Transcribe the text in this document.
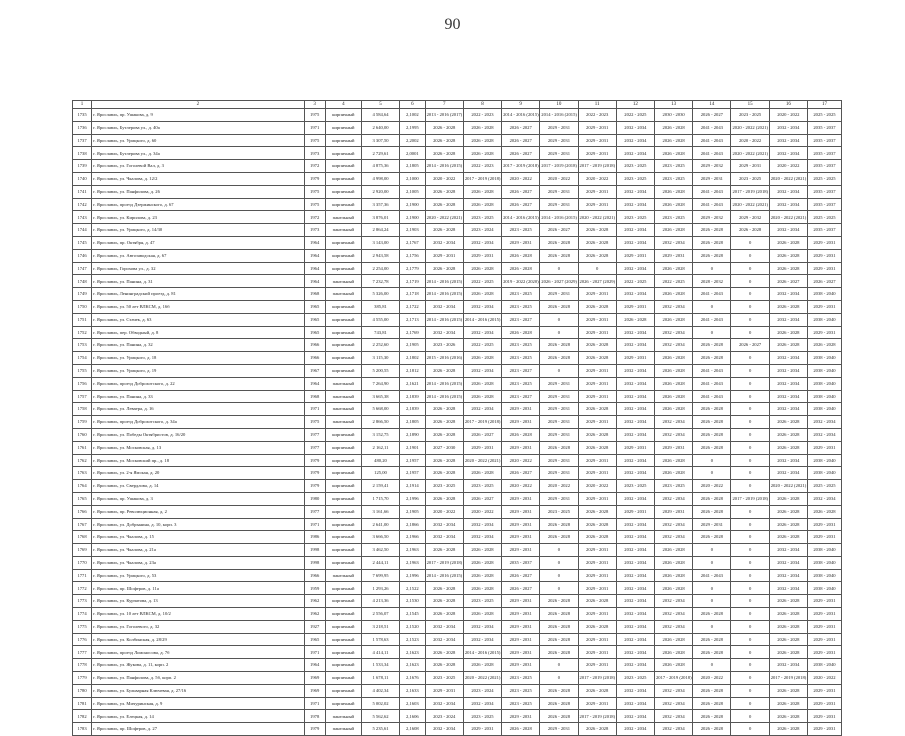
90
1	2	3	4	5	6	7	8	9	10	11	12	13	14	15	16	17
1735	г. Ярославль, пр. Ушакова, д. 9	1975	кирпичный	4 584,64	2,1002	2013 - 2016 (2017)	2022 - 2023	2014 - 2016 (2015)	2014 - 2016 (2015)	2022 - 2023	2022 - 2025	2030 - 2030	2026 - 2027	2023 - 2025	2020 - 2022	2025 - 2025
1736	г. Ярославль, Бутлерова ул., д. 40а	1971	кирпичный	2 640,00	2,1995	2026 - 2028	2026 - 2028	2026 - 2027	2029 - 2031	2029 - 2031	2032 - 2034	2026 - 2028	2041 - 2043	2020 - 2022 (2021)	2032 - 2034	2035 - 2037
1737	г. Ярославль, ул. Урицкого, д. 60	1975	кирпичный	3 307,50	2,2002	2026 - 2028	2026 - 2028	2026 - 2027	2029 - 2031	2029 - 2031	2032 - 2034	2026 - 2028	2041 - 2043	2020 - 2022	2032 - 2034	2035 - 2037
1738	г. Ярославль, Бутлерова ул., д. 34а	1973	кирпичный	2 729,61	2,0001	2026 - 2028	2026 - 2028	2026 - 2027	2029 - 2031	2029 - 2031	2032 - 2034	2026 - 2028	2041 - 2043	2020 - 2022 (2021)	2032 - 2034	2035 - 2037
1739	г. Ярославль, ул. Гоголевой Вал, д. 3	1972	кирпичный	4 875,36	2,1805	2014 - 2016 (2015)	2022 - 2023	2017 - 2019 (2018)	2017 - 2019 (2018)	2017 - 2019 (2018)	2023 - 2025	2023 - 2025	2029 - 2032	2029 - 2031	2020 - 2022	2035 - 2037
1740	г. Ярославль, ул. Чкалова, д. 12/2	1979	кирпичный	4 998,00	2,1000	2020 - 2022	2017 - 2019 (2018)	2020 - 2022	2020 - 2022	2020 - 2022	2023 - 2025	2023 - 2025	2029 - 2031	2023 - 2025	2020 - 2022 (2021)	2025 - 2025
1741	г. Ярославль, ул. Панфилова, д. 26	1975	кирпичный	2 920,00	2,1005	2026 - 2028	2026 - 2028	2026 - 2027	2029 - 2031	2029 - 2031	2032 - 2034	2026 - 2028	2041 - 2043	2017 - 2019 (2018)	2032 - 2034	2035 - 2037
1742	г. Ярославль, проезд Дзержинского, д. 67	1975	кирпичный	3 357,36	2,1900	2026 - 2028	2026 - 2028	2026 - 2027	2029 - 2031	2029 - 2031	2032 - 2034	2026 - 2028	2041 - 2043	2020 - 2022 (2021)	2032 - 2034	2035 - 2037
1743	г. Ярославль, ул. Кирилова, д. 23	1972	панельный	3 876,01	2,1900	2020 - 2022 (2021)	2023 - 2025	2014 - 2016 (2015)	2014 - 2016 (2015)	2020 - 2022 (2021)	2023 - 2025	2023 - 2025	2029 - 2032	2029 - 2032	2020 - 2022 (2021)	2025 - 2025
1744	г. Ярославль, ул. Урицкого, д. 14/30	1973	панельный	2 864,24	2,1903	2026 - 2028	2023 - 2024	2023 - 2025	2026 - 2027	2026 - 2028	2032 - 2034	2026 - 2028	2026 - 2028	2026 - 2028	2032 - 2034	2035 - 2037
1745	г. Ярославль, пр. Октября, д. 47	1964	кирпичный	3 143,00	2,1767	2032 - 2034	2032 - 2034	2029 - 2031	2026 - 2028	2026 - 2028	2032 - 2034	2032 - 2034	2026 - 2028	0	2026 - 2028	2029 - 2031
1746	г. Ярославль, ул. Автозаводская, д. 67	1964	кирпичный	2 943,58	2,1756	2029 - 2031	2029 - 2031	2026 - 2028	2026 - 2028	2026 - 2028	2029 - 2031	2029 - 2031	2026 - 2028	0	2026 - 2028	2029 - 2031
1747	г. Ярославль, Горохова ул., д. 32	1964	кирпичный	2 254,00	2,1779	2026 - 2028	2026 - 2028	2026 - 2028	0	0	2032 - 2034	2026 - 2028	0	0	2026 - 2028	2029 - 2031
1748	г. Ярославль, ул. Панина, д. 31	1964	панельный	7 232,78	2,1719	2014 - 2016 (2015)	2022 - 2025	2019 - 2022 (2020)	2026 - 2027 (2029)	2026 - 2027 (2029)	2022 - 2025	2022 - 2025	2028 - 2032	0	2026 - 2027	2026 - 2027
1749	г. Ярославль, Ленинградский проезд, д. 81	1968	панельный	5 326,00	2,1718	2014 - 2016 (2015)	2026 - 2028	2023 - 2025	2029 - 2031	2029 - 2031	2032 - 2034	2026 - 2028	2041 - 2043	0	2032 - 2034	2038 - 2040
1750	г. Ярославль, ул. 50 лет ВЛКСМ, д. 16б	1965	кирпичный	385,81	2,1722	2032 - 2034	2032 - 2034	2023 - 2025	2026 - 2028	2026 - 2028	2029 - 2031	2032 - 2034	0	0	2026 - 2028	2029 - 2031
1751	г. Ярославль, ул. Стачек, д. 63	1965	кирпичный	4 555,00	2,1713	2014 - 2016 (2015)	2014 - 2016 (2015)	2023 - 2027	0	2029 - 2031	2026 - 2028	2026 - 2028	2041 - 2043	0	2032 - 2034	2038 - 2040
1752	г. Ярославль, пер. Обводный, д. 8	1965	кирпичный	743,81	2,1769	2032 - 2034	2032 - 2034	2026 - 2028	0	2029 - 2031	2032 - 2034	2032 - 2034	0	0	2026 - 2028	2029 - 2031
1753	г. Ярославль, ул. Панина, д. 32	1966	кирпичный	2 252,60	2,1905	2023 - 2026	2022 - 2025	2023 - 2025	2026 - 2028	2026 - 2028	2032 - 2034	2032 - 2034	2026 - 2028	2026 - 2027	2026 - 2028	2026 - 2028
1754	г. Ярославль, ул. Урицкого, д. 18	1966	кирпичный	3 115,30	2,1802	2015 - 2016 (2016)	2026 - 2028	2023 - 2025	2026 - 2028	2026 - 2028	2029 - 2031	2026 - 2028	2026 - 2028	0	2032 - 2034	2038 - 2040
1755	г. Ярославль, ул. Урицкого, д. 19	1967	кирпичный	5 200,55	2,1812	2026 - 2028	2032 - 2034	2023 - 2027	0	2029 - 2031	2032 - 2034	2026 - 2028	2041 - 2043	0	2032 - 2034	2038 - 2040
1756	г. Ярославль, проезд Доброхотского, д. 22	1964	панельный	7 264,90	2,1621	2014 - 2016 (2015)	2026 - 2028	2023 - 2025	2029 - 2031	2029 - 2031	2032 - 2034	2026 - 2028	2041 - 2043	0	2032 - 2034	2038 - 2040
1757	г. Ярославль, ул. Панина, д. 33	1968	панельный	3 665,38	2,1839	2014 - 2016 (2015)	2026 - 2028	2023 - 2027	2029 - 2031	2029 - 2031	2032 - 2034	2026 - 2028	2041 - 2043	0	2032 - 2034	2038 - 2040
1758	г. Ярославль, ул. Леваера, д. 16	1971	панельный	5 668,00	2,1839	2026 - 2028	2032 - 2034	2029 - 2031	2029 - 2031	2026 - 2028	2032 - 2034	2026 - 2028	2026 - 2028	0	2032 - 2034	2038 - 2040
1759	г. Ярославль, проезд Доброхотского, д. 34а	1975	панельный	2 866,50	2,1805	2026 - 2028	2017 - 2019 (2018)	2029 - 2031	2029 - 2031	2029 - 2031	2032 - 2034	2032 - 2034	2026 - 2028	0	2026 - 2028	2032 - 2034
1760	г. Ярославль, ул. Победы Октябристов, д. 16/20	1977	кирпичный	3 152,75	2,1890	2026 - 2028	2026 - 2027	2026 - 2028	2029 - 2031	2026 - 2028	2032 - 2034	2032 - 2034	2026 - 2028	0	2026 - 2028	2032 - 2034
1761	г. Ярославль, ул. Московская, д. 13	1977	кирпичный	2 162,11	2,1901	2027 - 2030	2029 - 2031	2029 - 2031	2026 - 2028	2026 - 2028	2029 - 2031	2029 - 2031	2026 - 2028	0	2026 - 2028	2029 - 2031
1762	г. Ярославль, ул. Московский пр., д. 18	1979	кирпичный	480,20	2,1957	2026 - 2028	2020 - 2022 (2021)	2020 - 2022	2029 - 2031	2029 - 2031	2032 - 2034	2026 - 2028	0	0	2032 - 2034	2038 - 2040
1763	г. Ярославль, ул. 2-я Ямская, д. 20	1979	кирпичный	125,00	2,1957	2026 - 2028	2026 - 2028	2026 - 2027	2029 - 2031	2029 - 2031	2032 - 2034	2026 - 2028	0	0	2032 - 2034	2038 - 2040
1764	г. Ярославль, ул. Свердлова, д. 14	1979	кирпичный	2 159,41	2,1914	2023 - 2025	2023 - 2025	2020 - 2022	2020 - 2022	2020 - 2022	2023 - 2025	2023 - 2025	2020 - 2022	0	2020 - 2022 (2021)	2025 - 2025
1765	г. Ярославль, пр. Ушакова, д. 3	1980	кирпичный	1 715,70	2,1996	2026 - 2028	2026 - 2027	2029 - 2031	2029 - 2031	2029 - 2031	2032 - 2034	2032 - 2034	2026 - 2028	2017 - 2019 (2018)	2026 - 2028	2032 - 2034
1766	г. Ярославль, пр. Революционная, д. 2	1977	кирпичный	3 161,66	2,1905	2020 - 2022	2020 - 2022	2029 - 2031	2023 - 2025	2026 - 2028	2029 - 2031	2029 - 2031	2026 - 2028	0	2026 - 2028	2026 - 2028
1767	г. Ярославль, ул. Добрынина, д. 10, корп. 3	1971	кирпичный	2 641,00	2,1866	2032 - 2034	2032 - 2034	2029 - 2031	2026 - 2028	2026 - 2028	2032 - 2034	2032 - 2034	2029 - 2031	0	2026 - 2028	2029 - 2031
1768	г. Ярославль, ул. Чкалова, д. 15	1986	кирпичный	3 666,50	2,1966	2032 - 2034	2032 - 2034	2029 - 2031	2026 - 2028	2026 - 2028	2032 - 2034	2032 - 2034	2026 - 2028	0	2026 - 2028	2029 - 2031
1769	г. Ярославль, ул. Чкалова, д. 21а	1998	кирпичный	3 462,50	2,1963	2026 - 2028	2026 - 2028	2029 - 2031	0	2029 - 2031	2032 - 2034	2026 - 2028	0	0	2032 - 2034	2038 - 2040
1770	г. Ярославль, ул. Чкалова, д. 23а	1998	кирпичный	2 444,11	2,1963	2017 - 2019 (2018)	2026 - 2028	2035 - 2037	0	2029 - 2031	2032 - 2034	2026 - 2028	0	0	2032 - 2034	2038 - 2040
1771	г. Ярославль, ул. Урицкого, д. 53	1966	панельный	7 699,95	2,1996	2014 - 2016 (2015)	2026 - 2028	2026 - 2027	0	2029 - 2031	2032 - 2034	2026 - 2028	2041 - 2043	0	2032 - 2034	2038 - 2040
1772	г. Ярославль, пр. Шоферов, д. 11а	1959	кирпичный	1 293,26	2,1522	2026 - 2028	2026 - 2028	2026 - 2027	0	2029 - 2031	2032 - 2034	2026 - 2028	0	0	2032 - 2034	2038 - 2040
1773	г. Ярославль, ул. Курчатова, д. 13	1962	кирпичный	4 213,36	2,1530	2026 - 2028	2023 - 2025	2029 - 2031	2026 - 2028	2026 - 2028	2032 - 2034	2032 - 2034	0	0	2026 - 2028	2029 - 2031
1774	г. Ярославль, ул. 10 лет ВЛКСМ, д. 10/2	1962	кирпичный	2 556,07	2,1545	2026 - 2028	2026 - 2028	2029 - 2031	2026 - 2028	2029 - 2031	2032 - 2034	2032 - 2034	2026 - 2028	0	2026 - 2028	2029 - 2031
1775	г. Ярославль, ул. Гоголевого, д. 32	1927	кирпичный	3 218,51	2,1520	2032 - 2034	2032 - 2034	2029 - 2031	2026 - 2028	2026 - 2028	2032 - 2034	2032 - 2034	0	0	2026 - 2028	2029 - 2031
1776	г. Ярославль, ул. Колбинская, д. 28/29	1965	кирпичный	1 578,63	2,1523	2032 - 2034	2032 - 2034	2029 - 2031	2026 - 2028	2029 - 2031	2032 - 2034	2026 - 2028	2026 - 2028	0	2026 - 2028	2029 - 2031
1777	г. Ярославль, проезд Ломоносова, д. 7б	1971	кирпичный	4 414,11	2,1623	2026 - 2028	2014 - 2016 (2015)	2029 - 2031	2026 - 2028	2029 - 2031	2032 - 2034	2026 - 2028	2026 - 2028	0	2026 - 2028	2029 - 2031
1778	г. Ярославль, ул. Жукова, д. 11, корп. 2	1964	кирпичный	1 533,34	2,1623	2026 - 2028	2026 - 2028	2029 - 2031	0	2029 - 2031	2032 - 2034	2026 - 2028	0	0	2032 - 2034	2038 - 2040
1779	г. Ярославль, ул. Панфилова, д. 5б, корп. 2	1969	кирпичный	1 678,11	2,1676	2023 - 2025	2020 - 2022 (2021)	2023 - 2025	0	2017 - 2019 (2018)	2023 - 2025	2017 - 2019 (2018)	2020 - 2022	0	2017 - 2019 (2018)	2020 - 2022
1780	г. Ярославль, ул. Бульварная Ключевая, д. 27/16	1969	кирпичный	4 402,34	2,1633	2029 - 2031	2023 - 2024	2023 - 2025	2026 - 2028	2026 - 2028	2032 - 2034	2032 - 2034	2026 - 2028	0	2026 - 2028	2029 - 2031
1781	г. Ярославль, ул. Мичуринская, д. 9	1971	кирпичный	5 002,02	2,1603	2032 - 2034	2032 - 2034	2023 - 2025	2026 - 2028	2029 - 2031	2032 - 2034	2032 - 2034	2026 - 2028	0	2026 - 2028	2029 - 2031
1782	г. Ярославль, ул. Елецкая, д. 14	1978	панельный	5 562,62	2,1606	2023 - 2024	2023 - 2025	2029 - 2031	2026 - 2028	2017 - 2019 (2018)	2032 - 2034	2032 - 2034	2026 - 2028	0	2026 - 2028	2029 - 2031
1783	г. Ярославль, пр. Шоферов, д. 27	1979	панельный	5 235,61	2,1608	2032 - 2034	2029 - 2031	2026 - 2028	2029 - 2031	2026 - 2028	2032 - 2034	2032 - 2034	2026 - 2028	0	2026 - 2028	2029 - 2031
